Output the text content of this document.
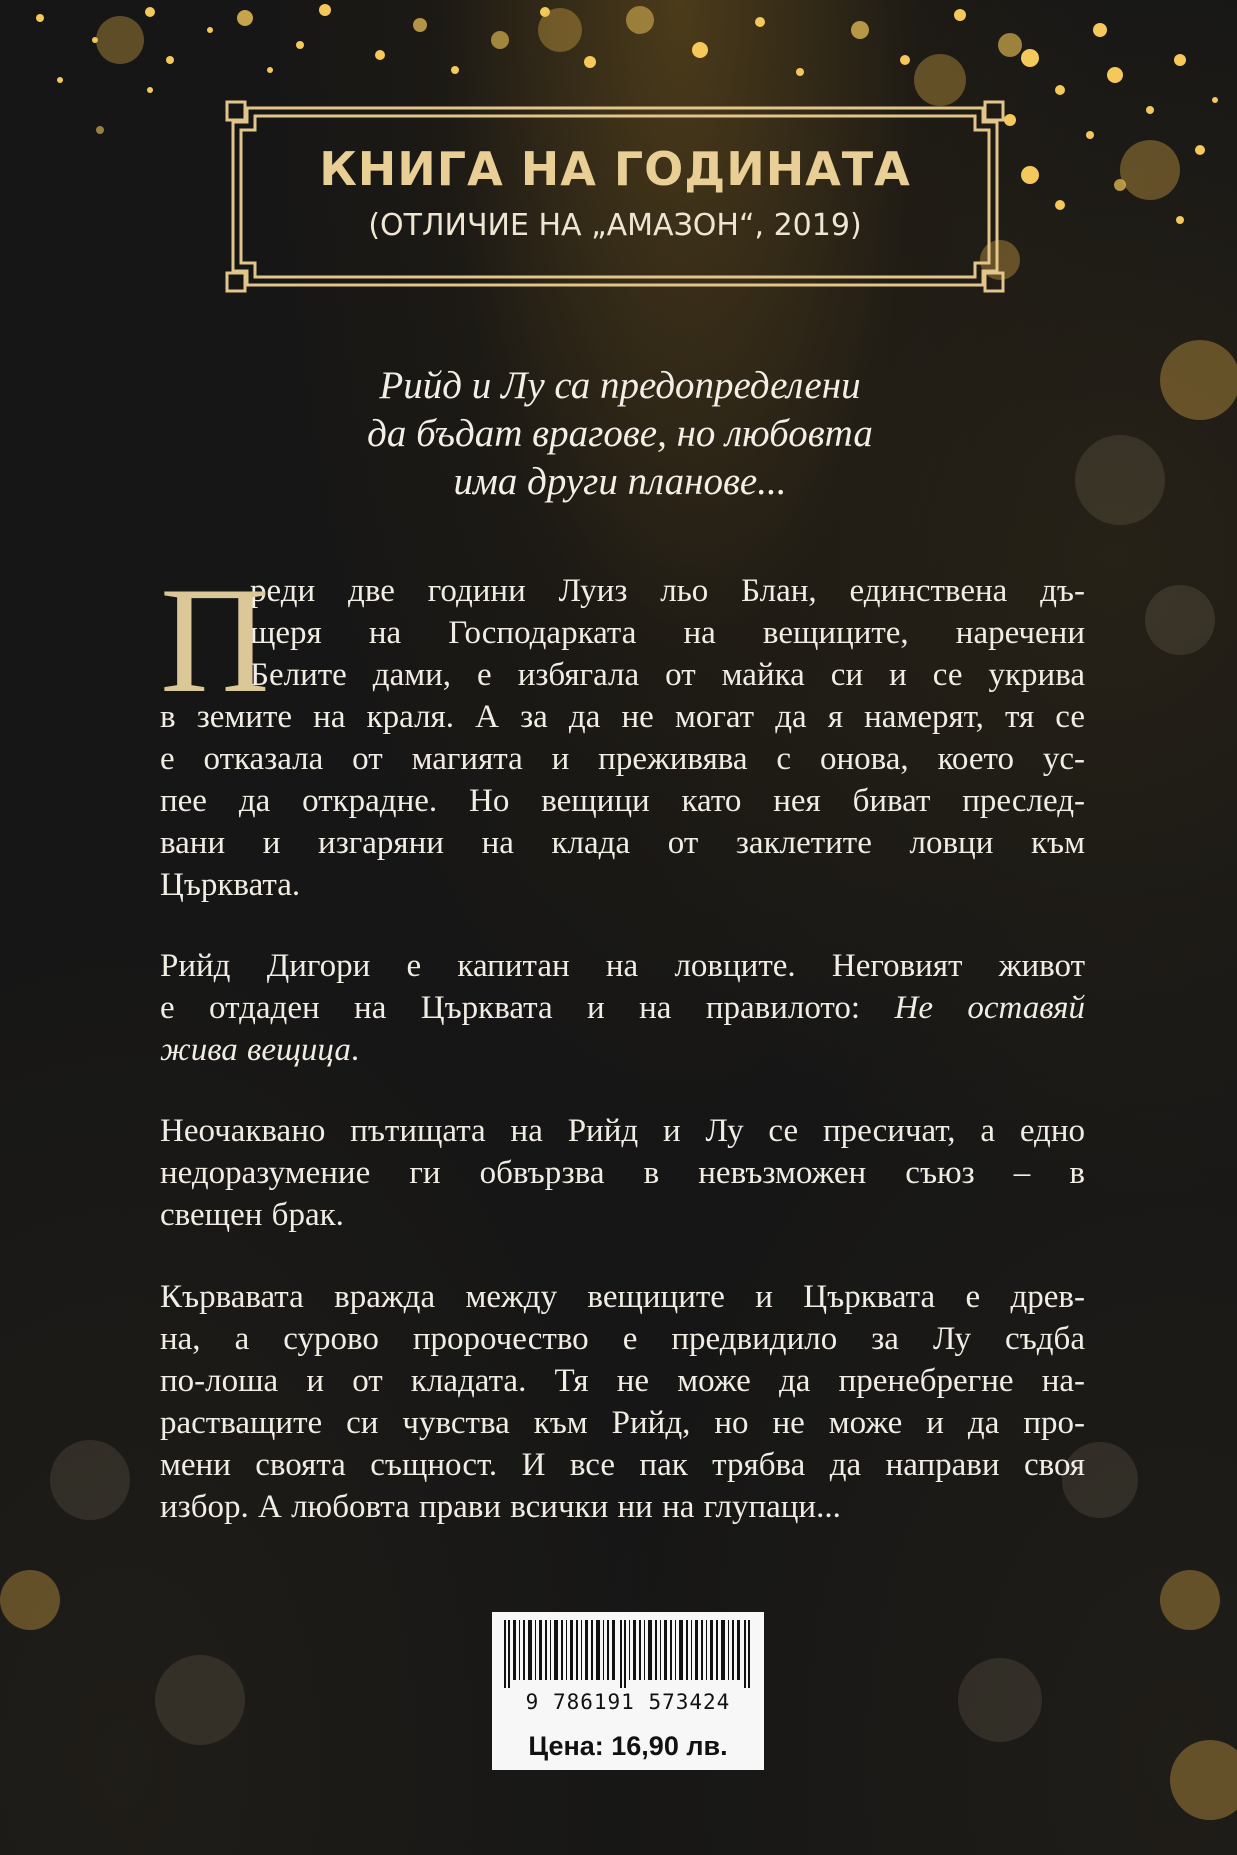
КНИГА НА ГОДИНАТА
(ОТЛИЧИЕ НА „АМАЗОН“, 2019)
Рийд и Лу са предопределени
да бъдат врагове, но любовта
има други планове...
П
реди две години Луиз льо Блан, единствена дъ-
щеря на Господарката на вещиците, наречени
Белите дами, е избягала от майка си и се укрива
в земите на краля. А за да не могат да я намерят, тя се
е отказала от магията и преживява с онова, което ус-
пее да открадне. Но вещици като нея биват преслед-
вани и изгаряни на клада от заклетите ловци към
Църквата.
Рийд Дигори е капитан на ловците. Неговият живот
е отдаден на Църквата и на правилото: Не оставяй
жива вещица.
Неочаквано пътищата на Рийд и Лу се пресичат, а едно
недоразумение ги обвързва в невъзможен съюз – в
свещен брак.
Кървавата вражда между вещиците и Църквата е древ-
на, а сурово пророчество е предвидило за Лу съдба
по-лоша и от кладата. Тя не може да пренебрегне на-
растващите си чувства към Рийд, но не може и да про-
мени своята същност. И все пак трябва да направи своя
избор. А любовта прави всички ни на глупаци...
9 786191 573424
Цена: 16,90 лв.
